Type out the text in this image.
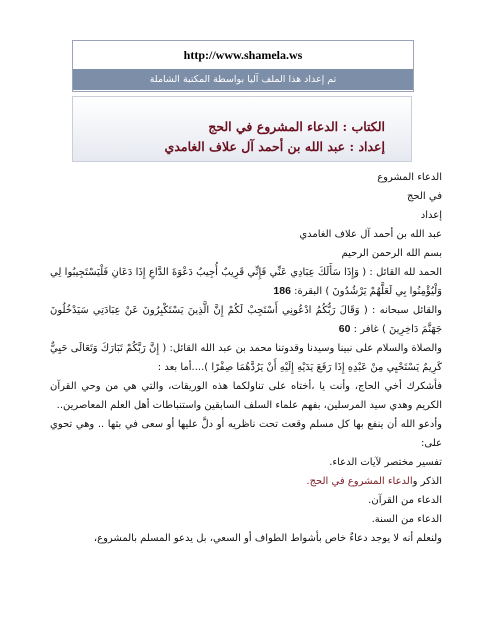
http://www.shamela.ws
تم إعداد هذا الملف آليا بواسطة المكتبة الشاملة
الكتاب : الدعاء المشروع في الحج
إعداد : عبد الله بن أحمد آل علاف الغامدي

الدعاء المشروع

في الحج

إعداد

عبد الله بن أحمد آل علاف الغامدي

بسم الله الرحمن الرحيم

الحمد لله القائل : ( وَإِذَا سَأَلَكَ عِبَادِي عَنِّي فَإِنِّي قَرِيبٌ أُجِيبُ دَعْوَةَ الدَّاعِ إِذَا دَعَانِ فَلْيَسْتَجِيبُوا لِي وَلْيُؤْمِنُوا بِي لَعَلَّهُمْ يَرْشُدُونَ ) البقرة: 186

والقائل سبحانه : ( وَقَالَ رَبُّكُمُ ادْعُونِي أَسْتَجِبْ لَكُمْ إِنَّ الَّذِينَ يَسْتَكْبِرُونَ عَنْ عِبَادَتِي سَيَدْخُلُونَ جَهَنَّمَ دَاخِرِينَ ) غافر : 60

والصلاة والسلام على نبينا وسيدنا وقدوتنا محمد بن عبد الله القائل: ( إِنَّ رَبَّكُمْ تَبَارَكَ وَتَعَالَى حَيِيٌّ كَرِيمٌ يَسْتَحْيِي مِنْ عَبْدِهِ إِذَا رَفَعَ يَدَيْهِ إِلَيْهِ أَنْ يَرُدَّهُمَا صِفْرًا )....أما بعد :

فأشكرك أخي الحاج، وأنت يا ،أختاه على تناولكما هذه الوريقات، والتي هي من وحي القرآن الكريم وهدي سيد المرسلين، بفهم علماء السلف السابقين واستنباطات أهل العلم المعاصرين..

وأدعو الله أن ينفع بها كل مسلم وقعت تحت ناظريه أو دلَّ عليها أو سعى في بثها .. وهي تحوي على:

تفسير مختصر لآيات الدعاء.

الذكر والدعاء المشروع في الحج.

الدعاء من القرآن.

الدعاء من السنة.

ولنعلم أنه لا يوجد دعاءٌ خاص بأشواط الطواف أو السعي، بل يدعو المسلم بالمشروع،
